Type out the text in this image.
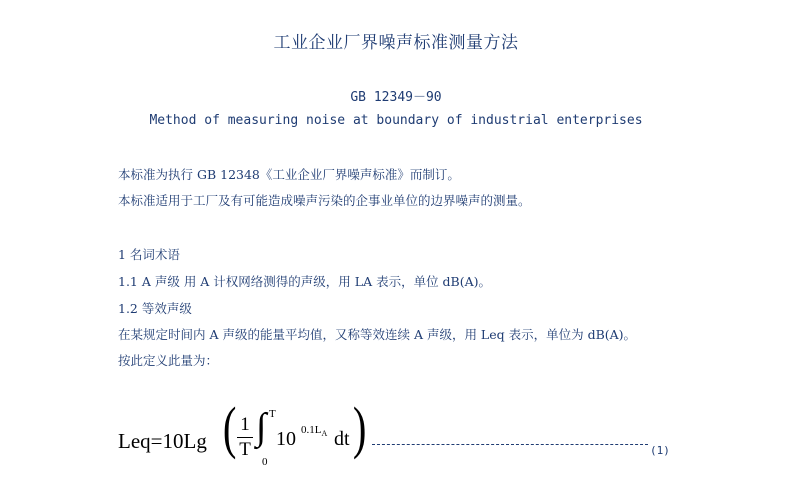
工业企业厂界噪声标准测量方法
GB 12349－90
Method of measuring noise at boundary of industrial enterprises
本标准为执行 GB 12348《工业企业厂界噪声标准》而制订。
本标准适用于工厂及有可能造成噪声污染的企事业单位的边界噪声的测量。
1 名词术语
1.1 A 声级 用 A 计权网络测得的声级，用 LA 表示，单位 dB(A)。
1.2 等效声级
在某规定时间内 A 声级的能量平均值，又称等效连续 A 声级，用 Leq 表示，单位为 dB(A)。
按此定义此量为：
Leq=10Lg ( 1
T
∫ T
0
10 $0.1L_A$ dt )	(1)
